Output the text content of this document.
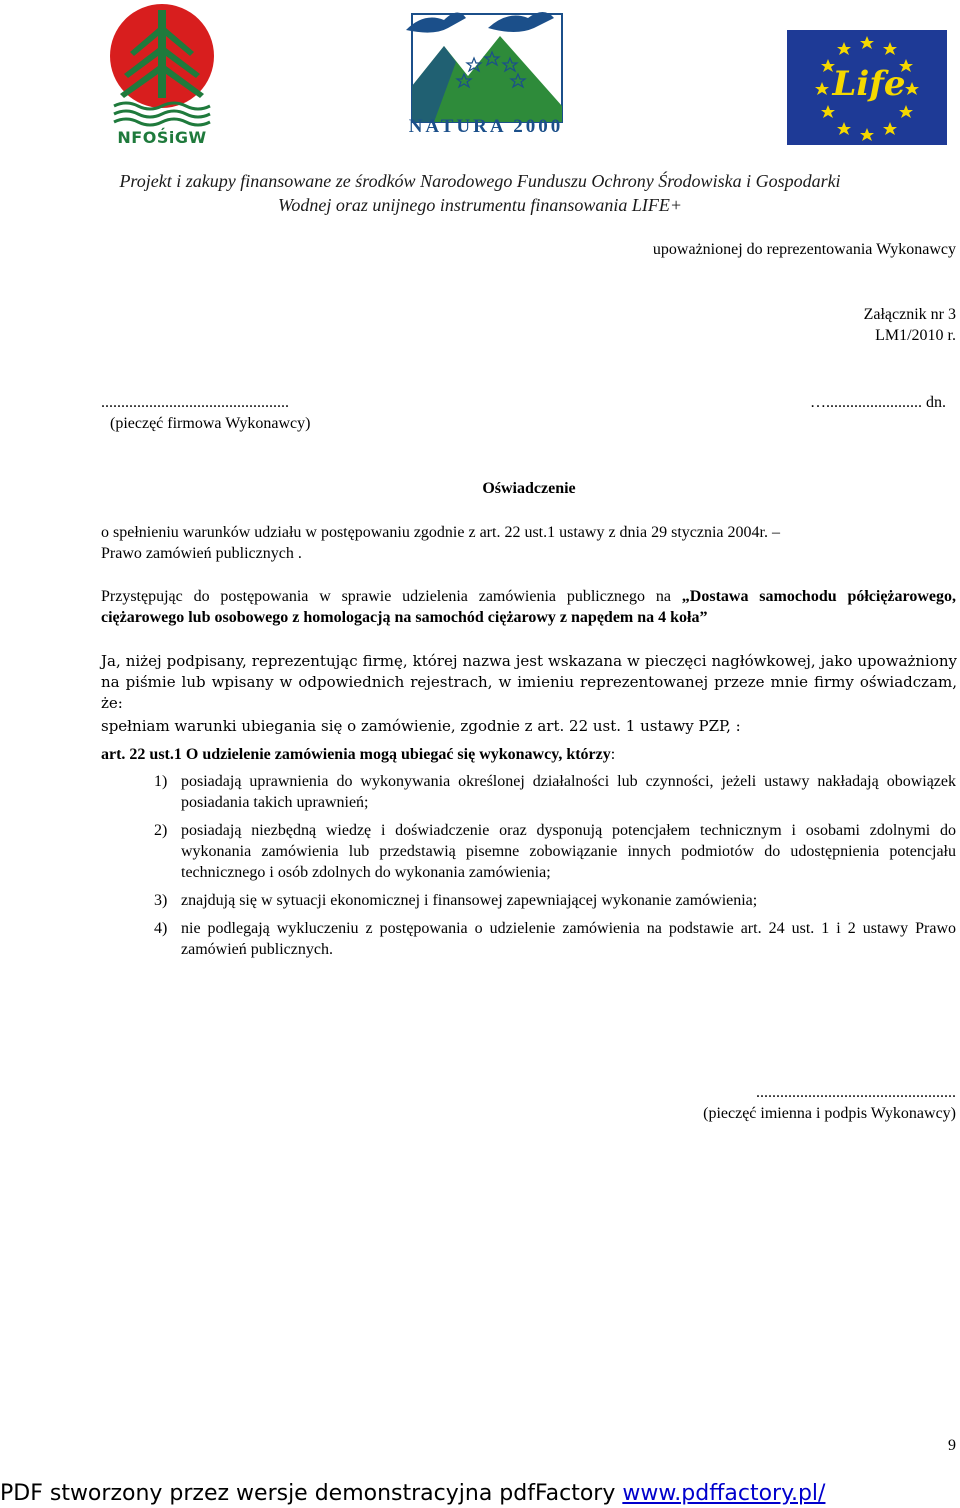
NFOŚiGW
NATURA 2000
Life
Projekt i zakupy finansowane ze środków Narodowego Funduszu Ochrony Środowiska i Gospodarki
Wodnej oraz unijnego instrumentu finansowania LIFE+
upoważnionej do reprezentowania Wykonawcy
Załącznik nr 3
LM1/2010 r.
...............................................
(pieczęć firmowa Wykonawcy)
…........................ dn.
Oświadczenie
o spełnieniu warunków udziału w postępowaniu zgodnie z art. 22 ust.1 ustawy z dnia 29 stycznia 2004r. –
Prawo zamówień publicznych .
Przystępując do postępowania w sprawie udzielenia zamówienia publicznego na „Dostawa samochodu półciężarowego, ciężarowego lub osobowego z homologacją na samochód ciężarowy z napędem na 4 koła”
Ja, niżej podpisany, reprezentując firmę, której nazwa jest wskazana w pieczęci nagłówkowej, jako upoważniony na piśmie lub wpisany w odpowiednich rejestrach, w imieniu reprezentowanej przeze mnie firmy oświadczam, że:
spełniam warunki ubiegania się o zamówienie, zgodnie z art. 22 ust. 1 ustawy PZP, :
art. 22 ust.1 O udzielenie zamówienia mogą ubiegać się wykonawcy, którzy:
1) posiadają uprawnienia do wykonywania określonej działalności lub czynności, jeżeli ustawy nakładają obowiązek posiadania takich uprawnień;
2) posiadają niezbędną wiedzę i doświadczenie oraz dysponują potencjałem technicznym i osobami zdolnymi do wykonania zamówienia lub przedstawią pisemne zobowiązanie innych podmiotów do udostępnienia potencjału technicznego i osób zdolnych do wykonania zamówienia;
3) znajdują się w sytuacji ekonomicznej i finansowej zapewniającej wykonanie zamówienia;
4) nie podlegają wykluczeniu z postępowania o udzielenie zamówienia na podstawie art. 24 ust. 1 i 2 ustawy Prawo zamówień publicznych.
..................................................
(pieczęć imienna i podpis Wykonawcy)
9
PDF stworzony przez wersje demonstracyjna pdfFactory www.pdffactory.pl/
